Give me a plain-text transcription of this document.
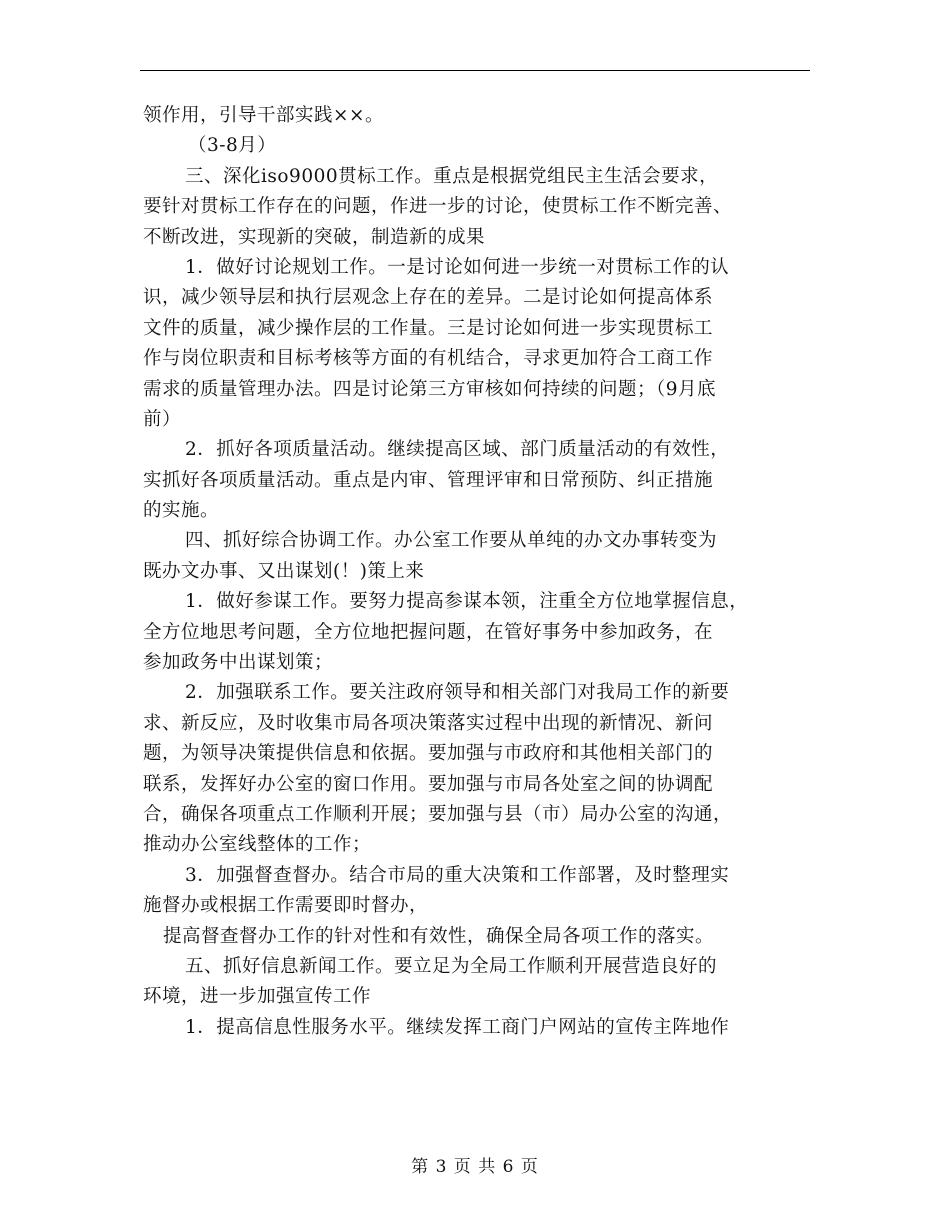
领作用，引导干部实践××。
（3-8月）
三、深化iso9000贯标工作。重点是根据党组民主生活会要求，
要针对贯标工作存在的问题，作进一步的讨论，使贯标工作不断完善、
不断改进，实现新的突破，制造新的成果
1．做好讨论规划工作。一是讨论如何进一步统一对贯标工作的认
识，减少领导层和执行层观念上存在的差异。二是讨论如何提高体系
文件的质量，减少操作层的工作量。三是讨论如何进一步实现贯标工
作与岗位职责和目标考核等方面的有机结合，寻求更加符合工商工作
需求的质量管理办法。四是讨论第三方审核如何持续的问题；（9月底
前）
2．抓好各项质量活动。继续提高区域、部门质量活动的有效性，
实抓好各项质量活动。重点是内审、管理评审和日常预防、纠正措施
的实施。
四、抓好综合协调工作。办公室工作要从单纯的办文办事转变为
既办文办事、又出谋划(！)策上来
1．做好参谋工作。要努力提高参谋本领，注重全方位地掌握信息，
全方位地思考问题，全方位地把握问题，在管好事务中参加政务，在
参加政务中出谋划策；
2．加强联系工作。要关注政府领导和相关部门对我局工作的新要
求、新反应，及时收集市局各项决策落实过程中出现的新情况、新问
题，为领导决策提供信息和依据。要加强与市政府和其他相关部门的
联系，发挥好办公室的窗口作用。要加强与市局各处室之间的协调配
合，确保各项重点工作顺利开展；要加强与县（市）局办公室的沟通，
推动办公室线整体的工作；
3．加强督查督办。结合市局的重大决策和工作部署，及时整理实
施督办或根据工作需要即时督办，
提高督查督办工作的针对性和有效性，确保全局各项工作的落实。
五、抓好信息新闻工作。要立足为全局工作顺利开展营造良好的
环境，进一步加强宣传工作
1．提高信息性服务水平。继续发挥工商门户网站的宣传主阵地作
第 3 页 共 6 页
